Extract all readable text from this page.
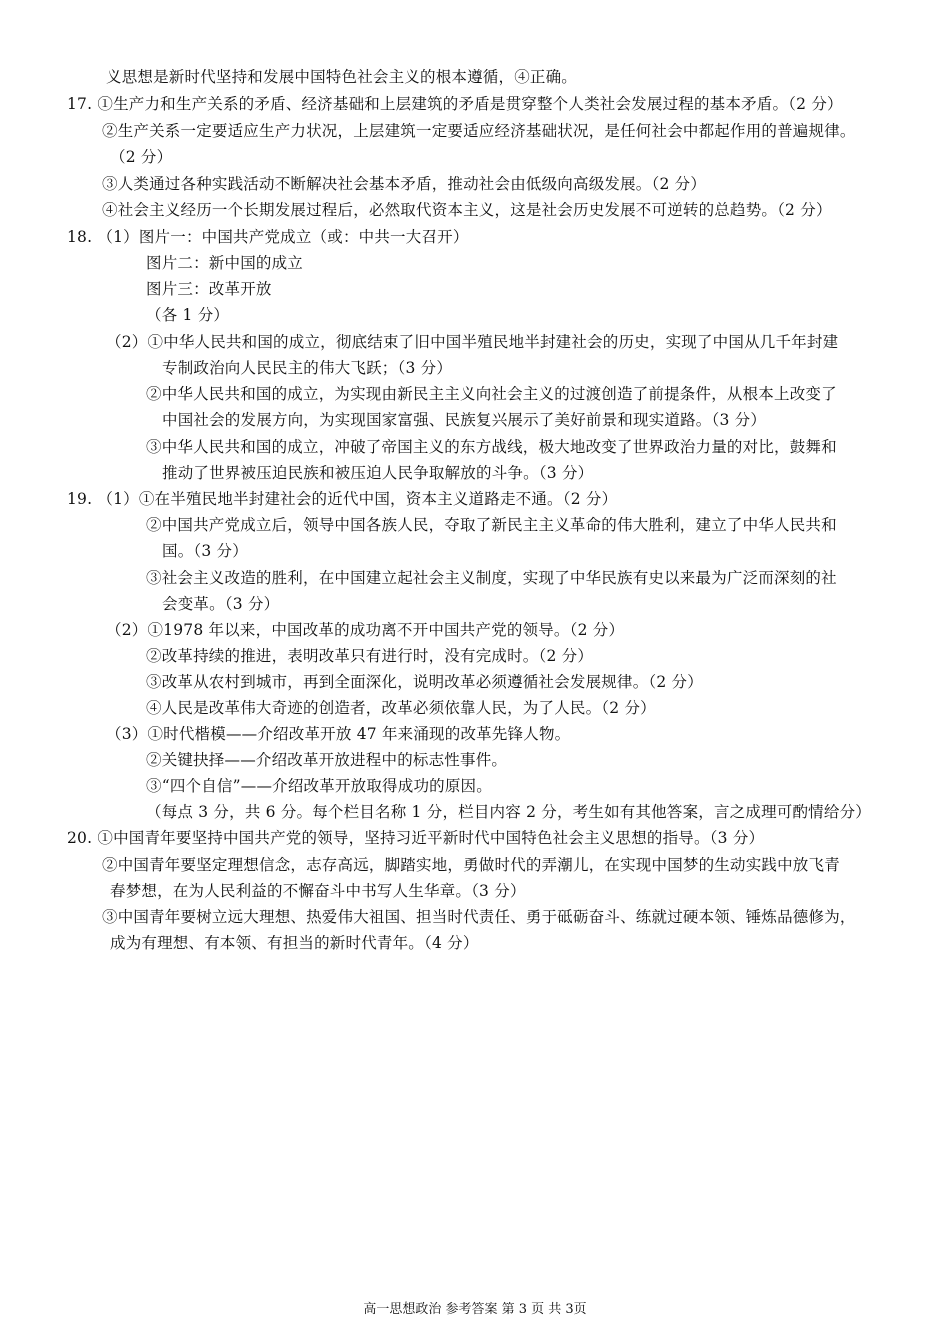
义思想是新时代坚持和发展中国特色社会主义的根本遵循，④正确。
17. ①生产力和生产关系的矛盾、经济基础和上层建筑的矛盾是贯穿整个人类社会发展过程的基本矛盾。（2 分）
②生产关系一定要适应生产力状况，上层建筑一定要适应经济基础状况，是任何社会中都起作用的普遍规律。
（2 分）
③人类通过各种实践活动不断解决社会基本矛盾，推动社会由低级向高级发展。（2 分）
④社会主义经历一个长期发展过程后，必然取代资本主义，这是社会历史发展不可逆转的总趋势。（2 分）
18. （1）图片一：中国共产党成立（或：中共一大召开）
图片二：新中国的成立
图片三：改革开放
（各 1 分）
（2）①中华人民共和国的成立，彻底结束了旧中国半殖民地半封建社会的历史，实现了中国从几千年封建
专制政治向人民民主的伟大飞跃；（3 分）
②中华人民共和国的成立，为实现由新民主主义向社会主义的过渡创造了前提条件，从根本上改变了
中国社会的发展方向，为实现国家富强、民族复兴展示了美好前景和现实道路。（3 分）
③中华人民共和国的成立，冲破了帝国主义的东方战线，极大地改变了世界政治力量的对比，鼓舞和
推动了世界被压迫民族和被压迫人民争取解放的斗争。（3 分）
19. （1）①在半殖民地半封建社会的近代中国，资本主义道路走不通。（2 分）
②中国共产党成立后，领导中国各族人民，夺取了新民主主义革命的伟大胜利，建立了中华人民共和
国。（3 分）
③社会主义改造的胜利，在中国建立起社会主义制度，实现了中华民族有史以来最为广泛而深刻的社
会变革。（3 分）
（2）①1978 年以来，中国改革的成功离不开中国共产党的领导。（2 分）
②改革持续的推进，表明改革只有进行时，没有完成时。（2 分）
③改革从农村到城市，再到全面深化，说明改革必须遵循社会发展规律。（2 分）
④人民是改革伟大奇迹的创造者，改革必须依靠人民，为了人民。（2 分）
（3）①时代楷模——介绍改革开放 47 年来涌现的改革先锋人物。
②关键抉择——介绍改革开放进程中的标志性事件。
③“四个自信”——介绍改革开放取得成功的原因。
（每点 3 分，共 6 分。每个栏目名称 1 分，栏目内容 2 分，考生如有其他答案，言之成理可酌情给分）
20. ①中国青年要坚持中国共产党的领导，坚持习近平新时代中国特色社会主义思想的指导。（3 分）
②中国青年要坚定理想信念，志存高远，脚踏实地，勇做时代的弄潮儿，在实现中国梦的生动实践中放飞青
春梦想，在为人民利益的不懈奋斗中书写人生华章。（3 分）
③中国青年要树立远大理想、热爱伟大祖国、担当时代责任、勇于砥砺奋斗、练就过硬本领、锤炼品德修为，
成为有理想、有本领、有担当的新时代青年。（4 分）
高一思想政治 参考答案 第 3 页 共 3页
